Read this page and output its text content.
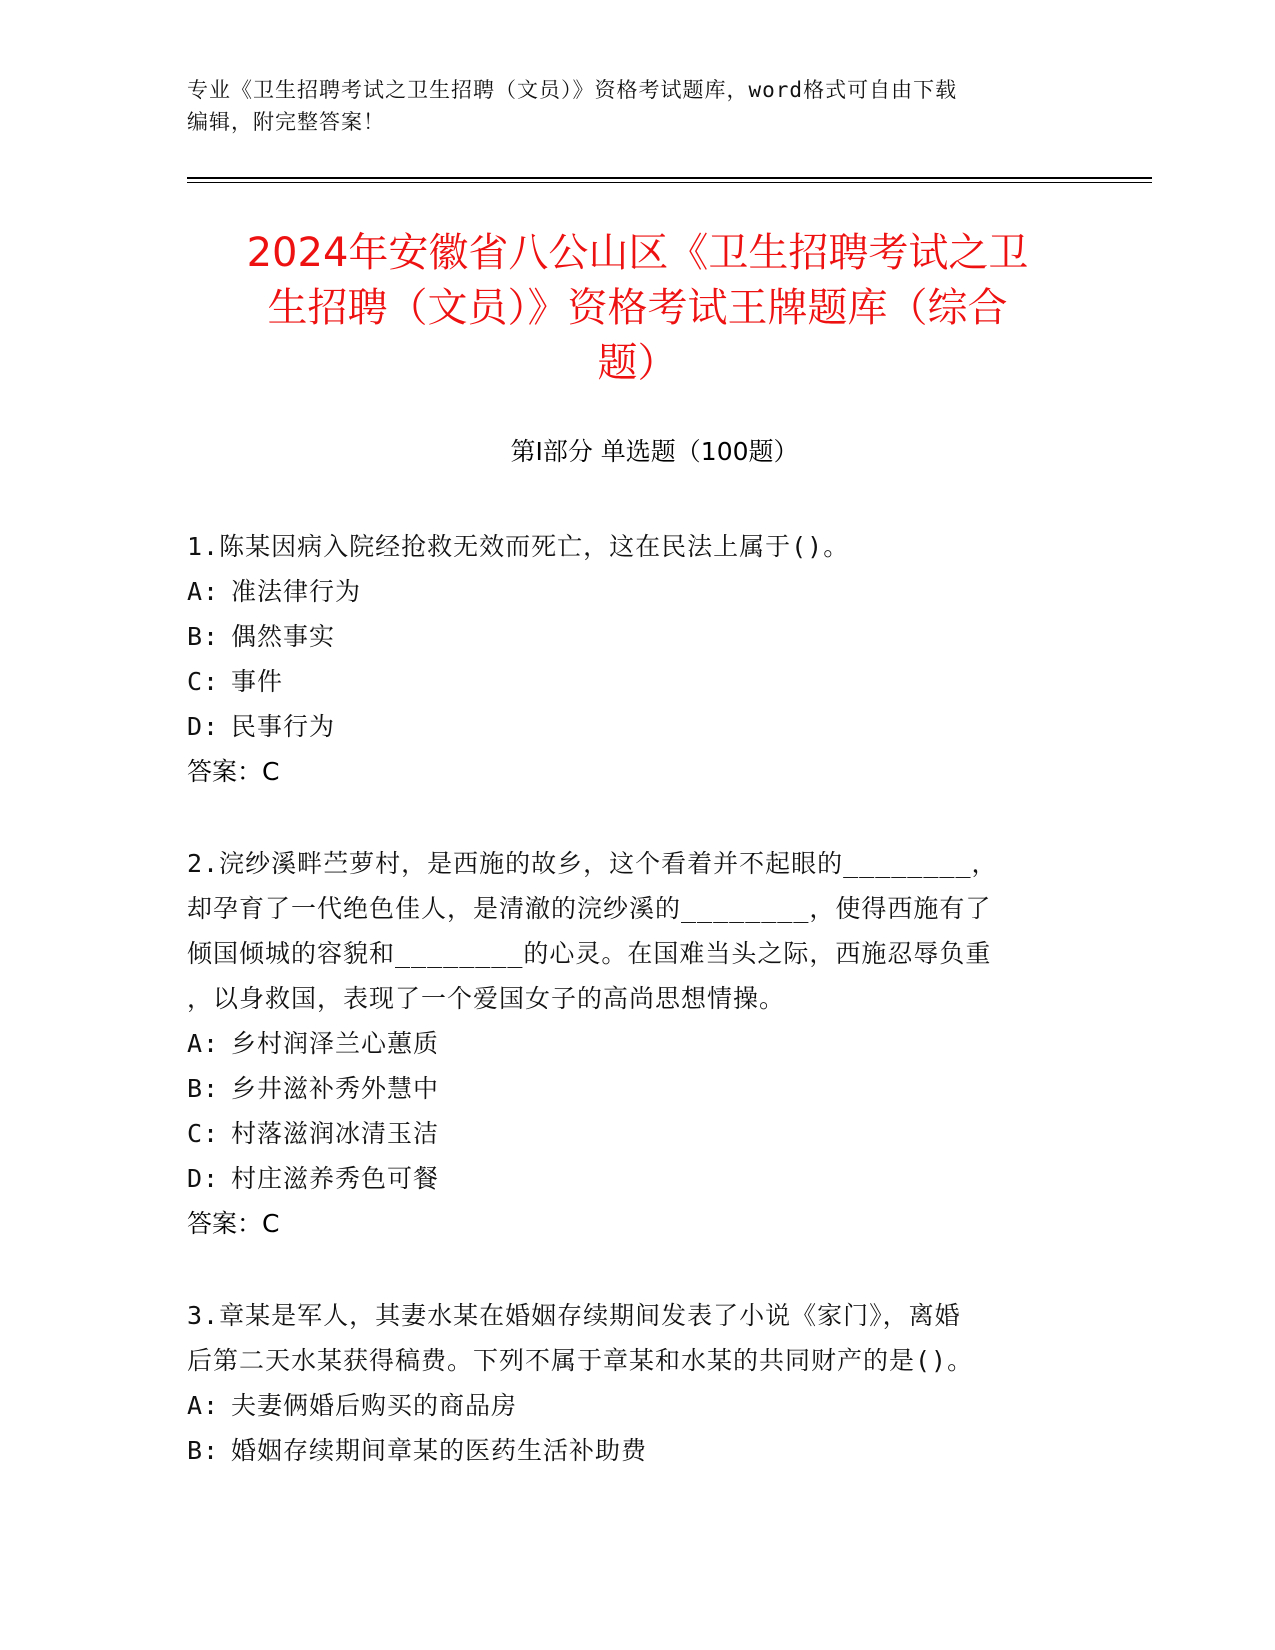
专业《卫生招聘考试之卫生招聘（文员）》资格考试题库，word格式可自由下载
编辑，附完整答案！
2024年安徽省八公山区《卫生招聘考试之卫
生招聘（文员）》资格考试王牌题库（综合
题）
第Ⅰ部分 单选题（100题）
1.陈某因病入院经抢救无效而死亡，这在民法上属于()。
A: 准法律行为
B: 偶然事实
C: 事件
D: 民事行为
答案：C
2.浣纱溪畔苎萝村，是西施的故乡，这个看着并不起眼的________，
却孕育了一代绝色佳人，是清澈的浣纱溪的________，使得西施有了
倾国倾城的容貌和________的心灵。在国难当头之际，西施忍辱负重
，以身救国，表现了一个爱国女子的高尚思想情操。
A: 乡村润泽兰心蕙质
B: 乡井滋补秀外慧中
C: 村落滋润冰清玉洁
D: 村庄滋养秀色可餐
答案：C
3.章某是军人，其妻水某在婚姻存续期间发表了小说《家门》，离婚
后第二天水某获得稿费。下列不属于章某和水某的共同财产的是()。
A: 夫妻俩婚后购买的商品房
B: 婚姻存续期间章某的医药生活补助费
